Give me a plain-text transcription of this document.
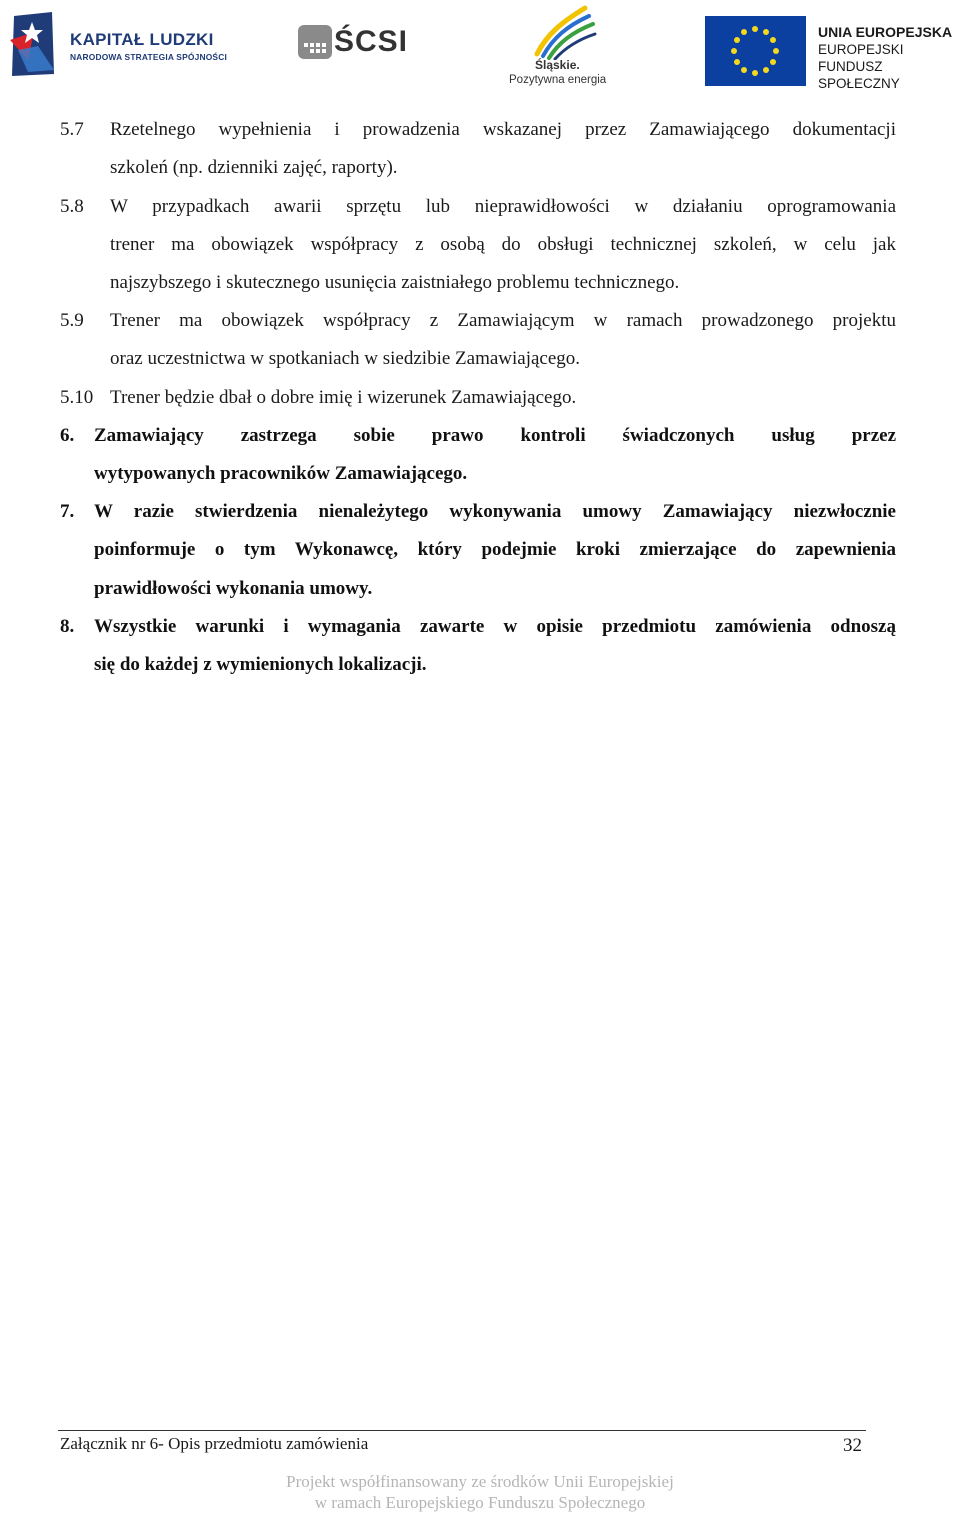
KAPITAŁ LUDZKI
NARODOWA STRATEGIA SPÓJNOŚCI	ŚCSI
Śląskie.
Pozytywna energia
UNIA EUROPEJSKA
EUROPEJSKI
FUNDUSZ SPOŁECZNY
5.7 Rzetelnego wypełnienia i prowadzenia wskazanej przez Zamawiającego dokumentacji
szkoleń (np. dzienniki zajęć, raporty).
5.8 W przypadkach awarii sprzętu lub nieprawidłowości w działaniu oprogramowania
trener ma obowiązek współpracy z osobą do obsługi technicznej szkoleń, w celu jak
najszybszego i skutecznego usunięcia zaistniałego problemu technicznego.
5.9 Trener ma obowiązek współpracy z Zamawiającym w ramach prowadzonego projektu
oraz uczestnictwa w spotkaniach w siedzibie Zamawiającego.
5.10 Trener będzie dbał o dobre imię i wizerunek Zamawiającego.
6. Zamawiający zastrzega sobie prawo kontroli świadczonych usług przez
wytypowanych pracowników Zamawiającego.
7. W razie stwierdzenia nienależytego wykonywania umowy Zamawiający niezwłocznie
poinformuje o tym Wykonawcę, który podejmie kroki zmierzające do zapewnienia
prawidłowości wykonania umowy.
8. Wszystkie warunki i wymagania zawarte w opisie przedmiotu zamówienia odnoszą
się do każdej z wymienionych lokalizacji.
Załącznik nr 6- Opis przedmiotu zamówienia	32
Projekt współfinansowany ze środków Unii Europejskiej
w ramach Europejskiego Funduszu Społecznego
